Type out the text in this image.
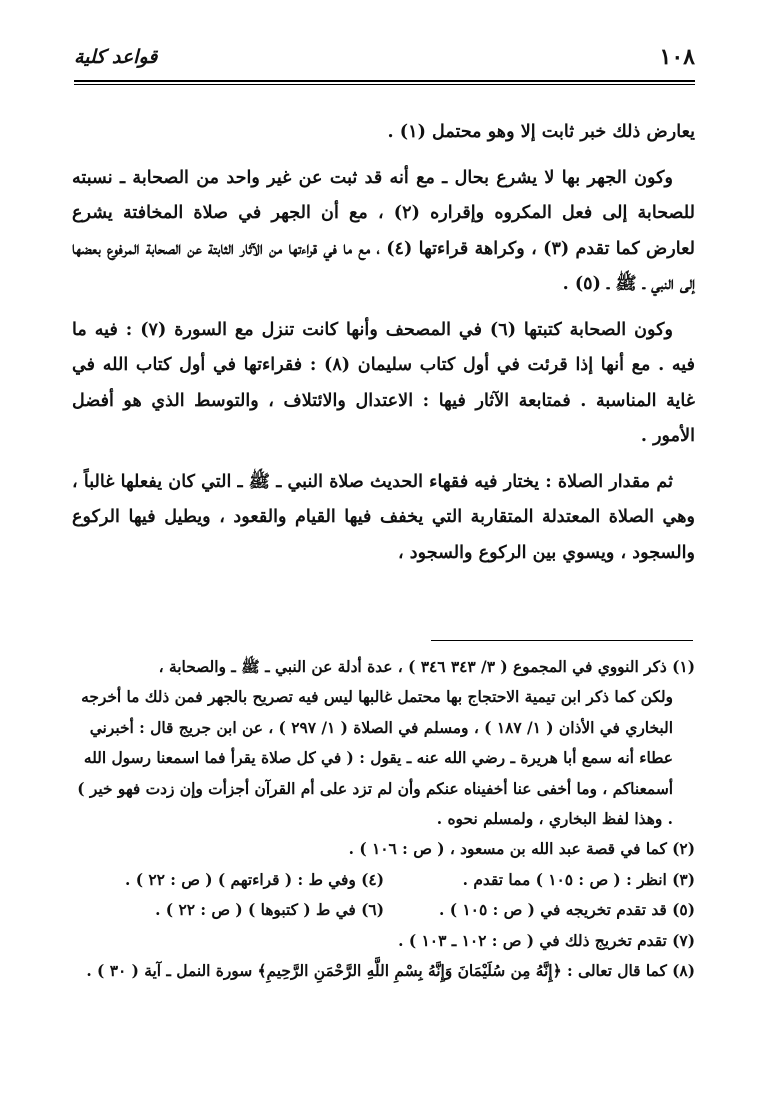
١٠٨
قواعد كلية

يعارض ذلك خبر ثابت إلا وهو محتمل (١) .

وكون الجهر بها لا يشرع بحال ـ مع أنه قد ثبت عن غير واحد من الصحابة ـ نسبته للصحابة إلى فعل المكروه وإقراره (٢) ، مع أن الجهر في صلاة المخافتة يشرع لعارض كما تقدم (٣) ، وكراهة قراءتها (٤) ، مع ما في قراءتها من الآثار الثابتة عن الصحابة المرفوع بعضها إلى النبي ـ ﷺ ـ (٥) .

وكون الصحابة كتبتها (٦) في المصحف وأنها كانت تنزل مع السورة (٧) : فيه ما فيه . مع أنها إذا قرئت في أول كتاب سليمان (٨) : فقراءتها في أول كتاب الله في غاية المناسبة . فمتابعة الآثار فيها : الاعتدال والائتلاف ، والتوسط الذي هو أفضل الأمور .

ثم مقدار الصلاة : يختار فيه فقهاء الحديث صلاة النبي ـ ﷺ ـ التي كان يفعلها غالباً ، وهي الصلاة المعتدلة المتقاربة التي يخفف فيها القيام والقعود ، ويطيل فيها الركوع والسجود ، ويسوي بين الركوع والسجود ،

(١) ذكر النووي في المجموع ( ٣/ ٣٤٣ ٣٤٦ ) ، عدة أدلة عن النبي ـ ﷺ ـ والصحابة ،

ولكن كما ذكر ابن تيمية الاحتجاج بها محتمل غالبها ليس فيه تصريح بالجهر فمن ذلك ما أخرجه البخاري في الأذان ( ١/ ١٨٧ ) ، ومسلم في الصلاة ( ١/ ٢٩٧ ) ، عن ابن جريج قال : أخبرني عطاء أنه سمع أبا هريرة ـ رضي الله عنه ـ يقول : ( في كل صلاة يقرأ فما اسمعنا رسول الله أسمعناكم ، وما أخفى عنا أخفيناه عنكم وأن لم تزد على أم القرآن أجزأت وإن زدت فهو خير ) . وهذا لفظ البخاري ، ولمسلم نحوه .

(٢) كما في قصة عبد الله بن مسعود ، ( ص : ١٠٦ ) .

(٣) انظر : ( ص : ١٠٥ ) مما تقدم .

(٤) وفي ط : ( قراءتهم ) ( ص : ٢٢ ) .

(٥) قد تقدم تخريجه في ( ص : ١٠٥ ) .

(٦) في ط ( كتبوها ) ( ص : ٢٢ ) .

(٧) تقدم تخريج ذلك في ( ص : ١٠٢ ـ ١٠٣ ) .

(٨) كما قال تعالى : ﴿إِنَّهُ مِن سُلَيْمَانَ وَإِنَّهُ بِسْمِ اللَّهِ الرَّحْمَنِ الرَّحِيمِ﴾ سورة النمل ـ آية ( ٣٠ ) .
